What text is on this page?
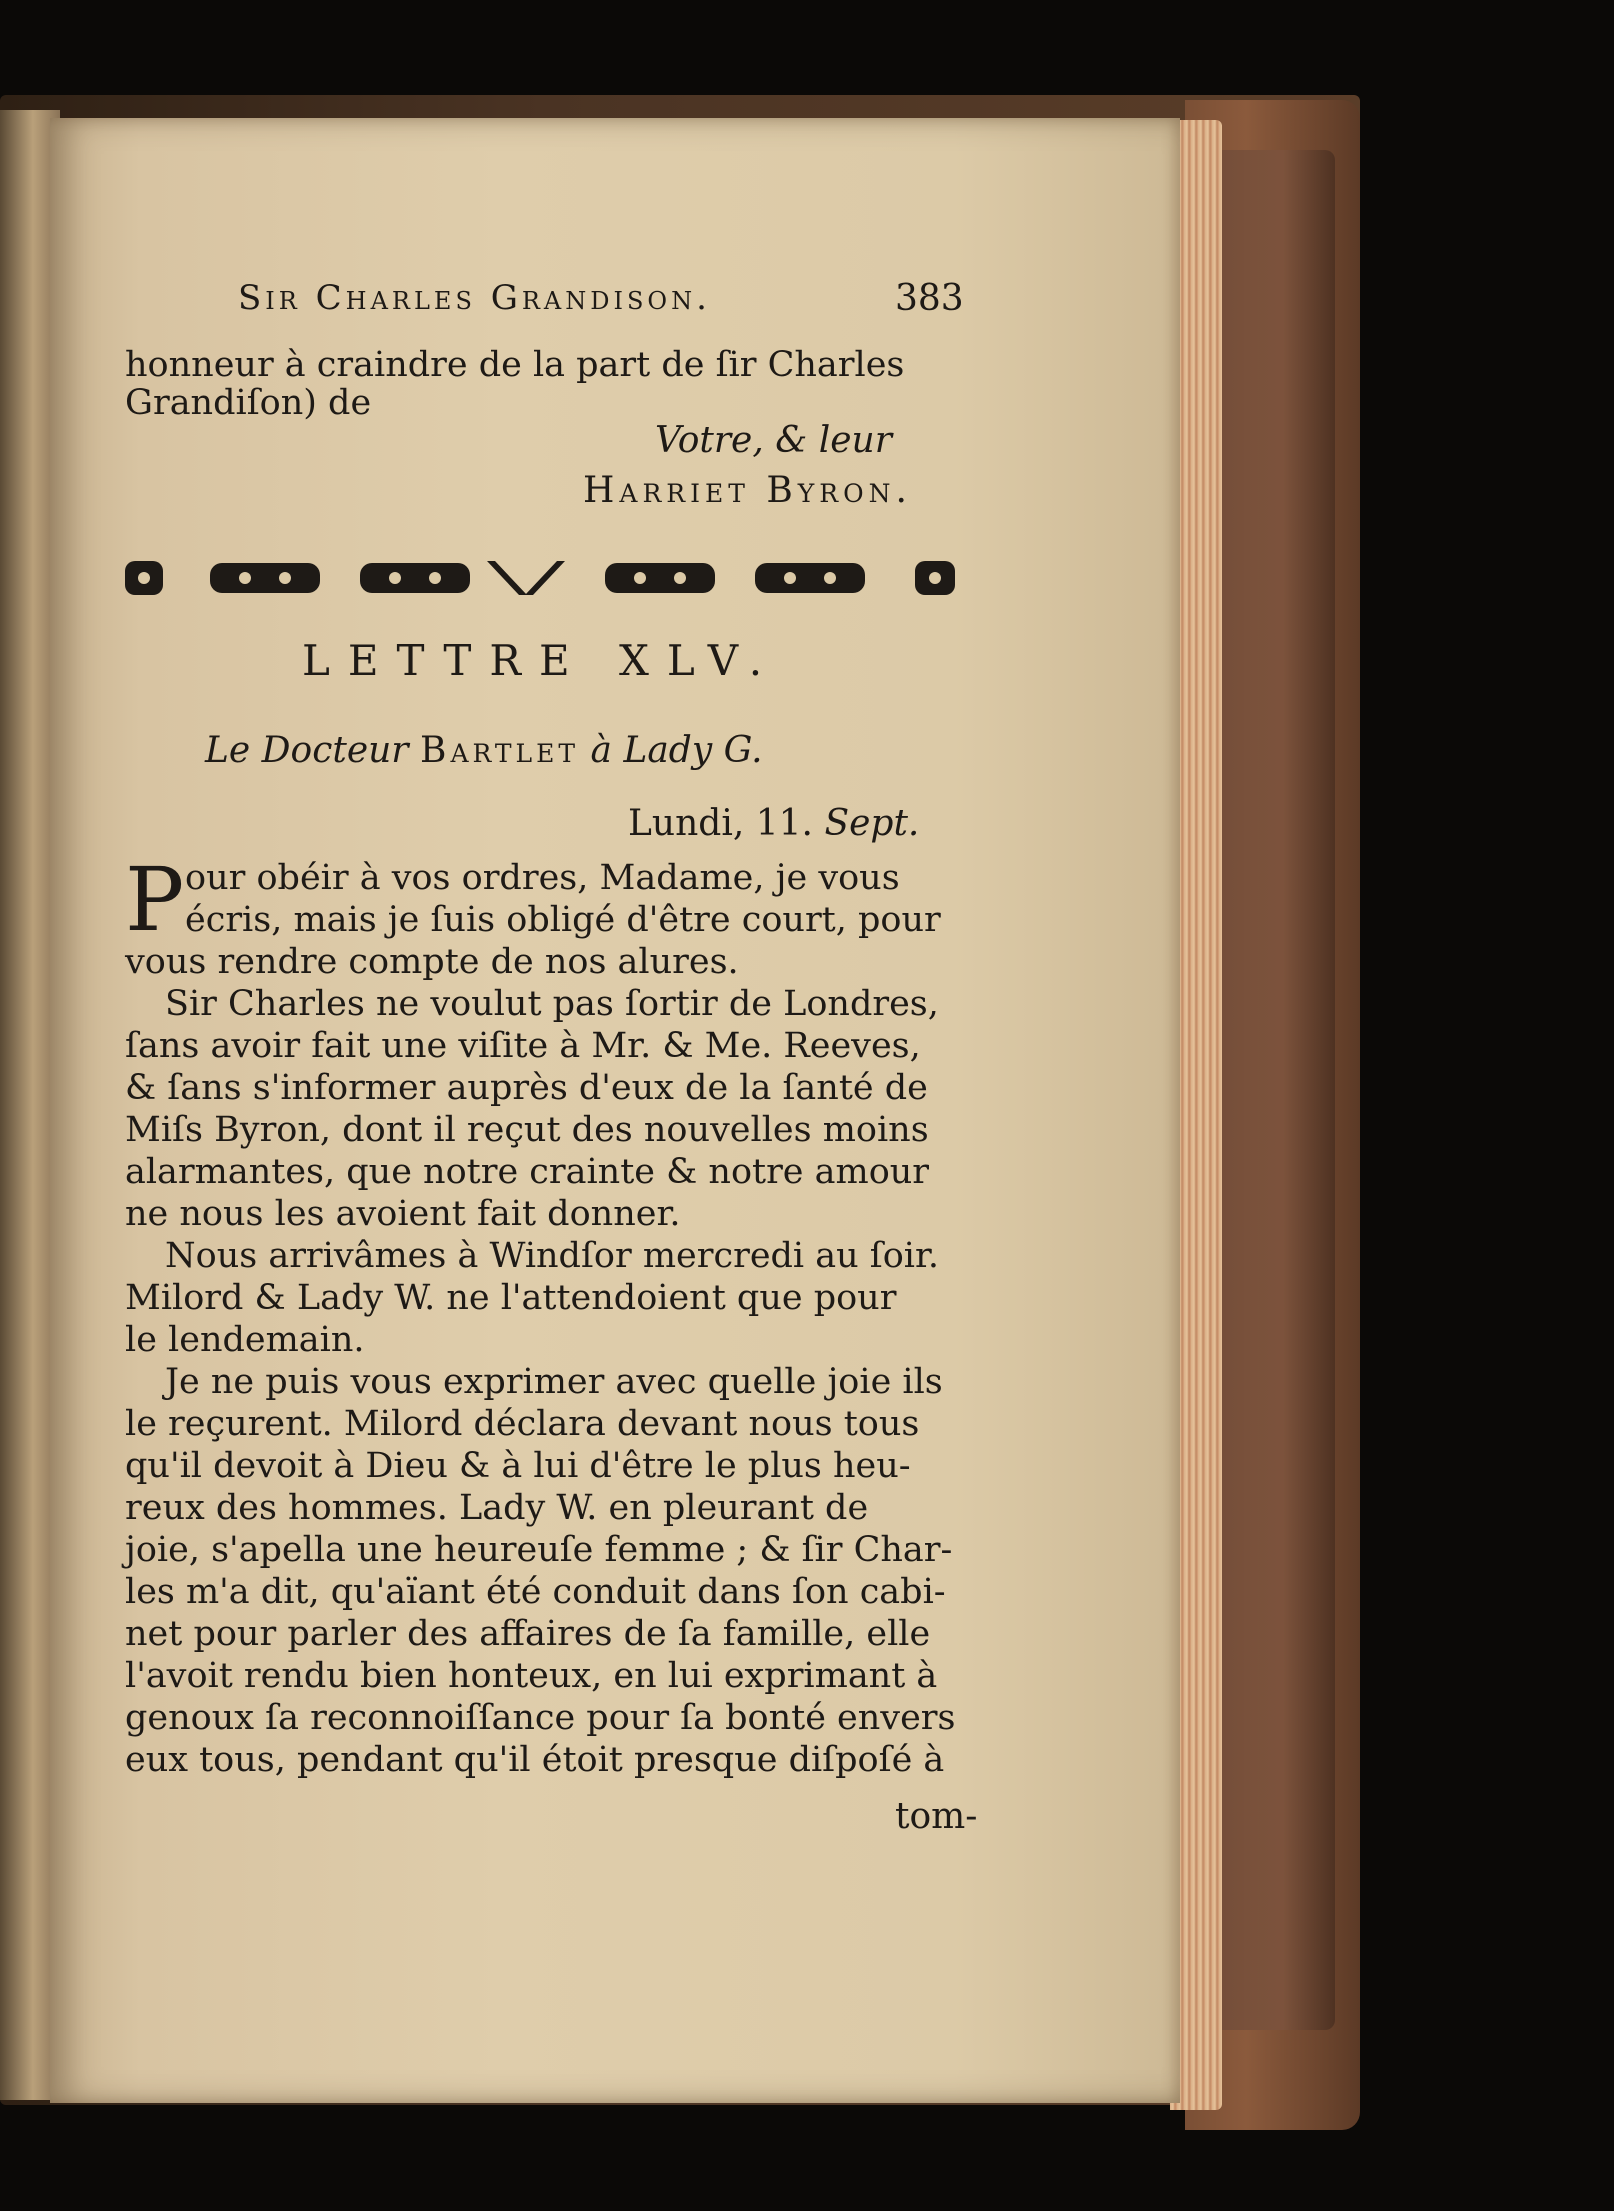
Sir Charles Grandison.	383
honneur à craindre de la part de ſir Charles
Grandiſon) de
Votre, & leur
Harriet Byron.
LETTRE XLV.
Le Docteur Bartlet à Lady G.
Lundi, 11. Sept.
P our obéir à vos ordres, Madame, je vous
écris, mais je ſuis obligé d'être court, pour
vous rendre compte de nos alures.
Sir Charles ne voulut pas ſortir de Londres,
ſans avoir fait une viſite à Mr. & Me. Reeves,
& ſans s'informer auprès d'eux de la ſanté de
Miſs Byron, dont il reçut des nouvelles moins
alarmantes, que notre crainte & notre amour
ne nous les avoient fait donner.
Nous arrivâmes à Windſor mercredi au ſoir.
Milord & Lady W. ne l'attendoient que pour
le lendemain.
Je ne puis vous exprimer avec quelle joie ils
le reçurent. Milord déclara devant nous tous
qu'il devoit à Dieu & à lui d'être le plus heu-
reux des hommes. Lady W. en pleurant de
joie, s'apella une heureuſe femme ; & ſir Char-
les m'a dit, qu'aïant été conduit dans ſon cabi-
net pour parler des affaires de ſa famille, elle
l'avoit rendu bien honteux, en lui exprimant à
genoux ſa reconnoiſſance pour ſa bonté envers
eux tous, pendant qu'il étoit presque diſpoſé à
tom-
